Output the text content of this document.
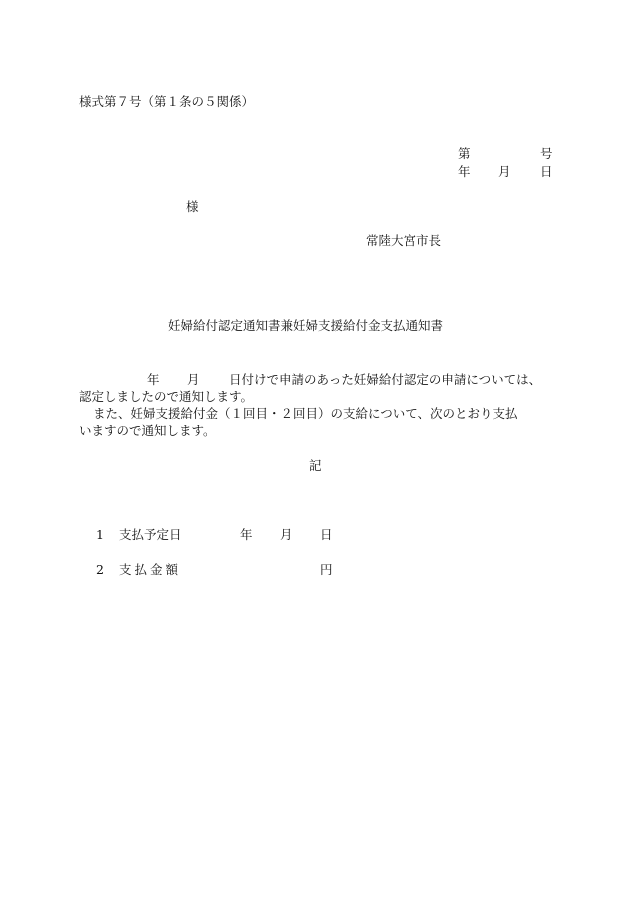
様式第７号（第１条の５関係）
第	号
年 月 日
様
常陸大宮市長
妊婦給付認定通知書兼妊婦支援給付金支払通知書
年 月 日付けで申請のあった妊婦給付認定の申請については、
認定しましたので通知します。
また、妊婦支援給付金（１回目・２回目）の支給について、次のとおり支払
いますので通知します。
記
1 支払予定日	年 月 日
2 支払金額	円
